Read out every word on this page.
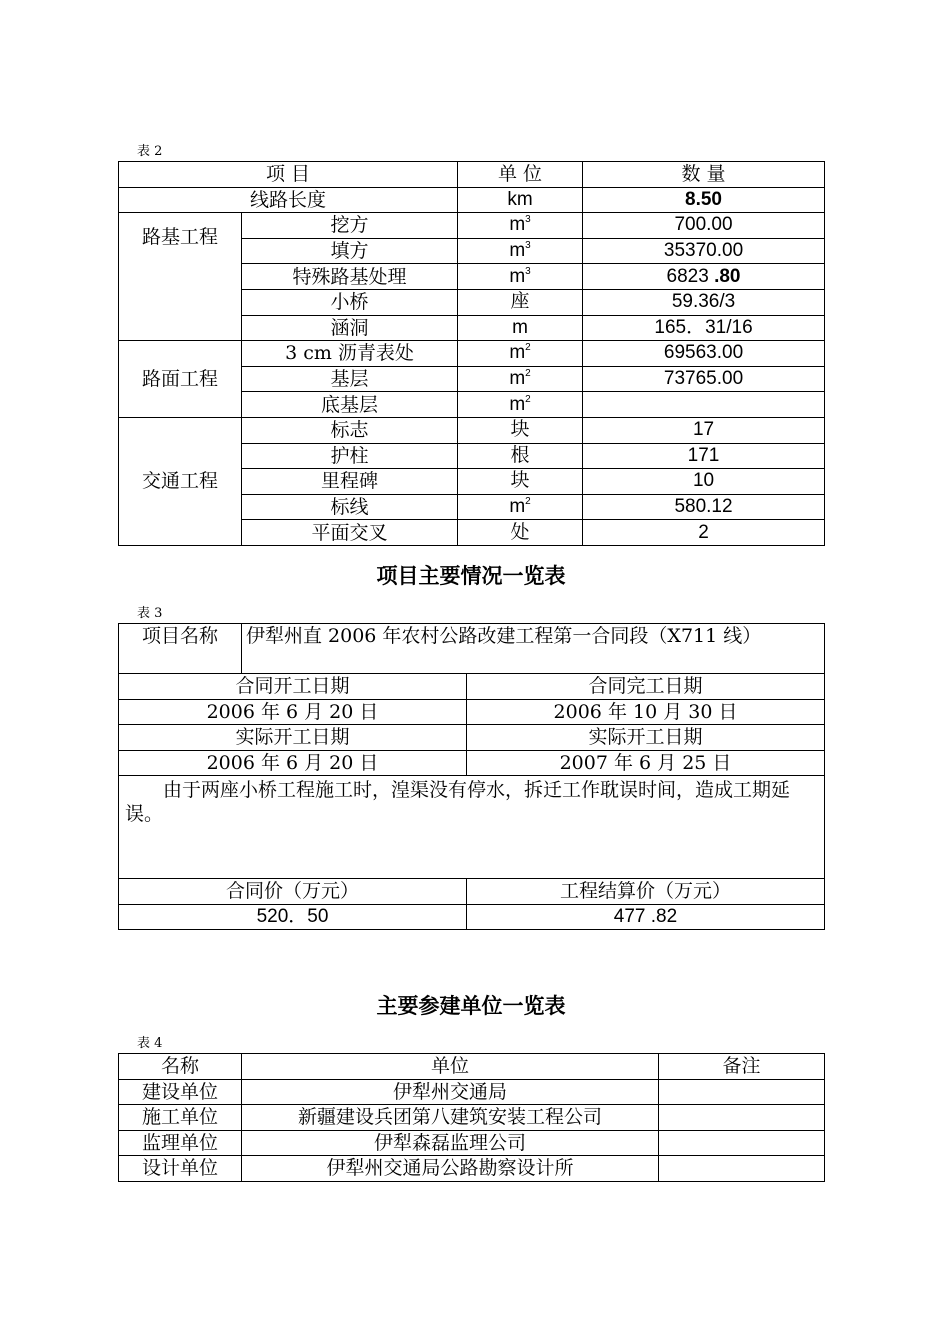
表 2
项 目		单 位	数 量
线路长度		km	8.50
路基工程	挖方	$m^3$	700.00
	填方	$m^3$	35370.00
	特殊路基处理	$m^3$	6823 .80
	小桥	座	59.36/3
	涵洞	m	165．31/16
路面工程	3 cm 沥青表处	$m^2$	69563.00
	基层	$m^2$	73765.00
	底基层	$m^2$	
交通工程	标志	块	17
	护柱	根	171
	里程碑	块	10
	标线	$m^2$	580.12
	平面交叉	处	2
项目主要情况一览表
表 3
项目名称	伊犁州直 2006 年农村公路改建工程第一合同段（X711 线）	
合同开工日期		合同完工日期
2006 年 6 月 20 日		2006 年 10 月 30 日
实际开工日期		实际开工日期
2006 年 6 月 20 日		2007 年 6 月 25 日
由于两座小桥工程施工时，湟渠没有停水，拆迁工作耽误时间，造成工期延误。		
合同价（万元）		工程结算价（万元）
520．50		477 .82
主要参建单位一览表
表 4
名称	单位	备注
建设单位	伊犁州交通局	
施工单位	新疆建设兵团第八建筑安装工程公司	
监理单位	伊犁森磊监理公司	
设计单位	伊犁州交通局公路勘察设计所	
